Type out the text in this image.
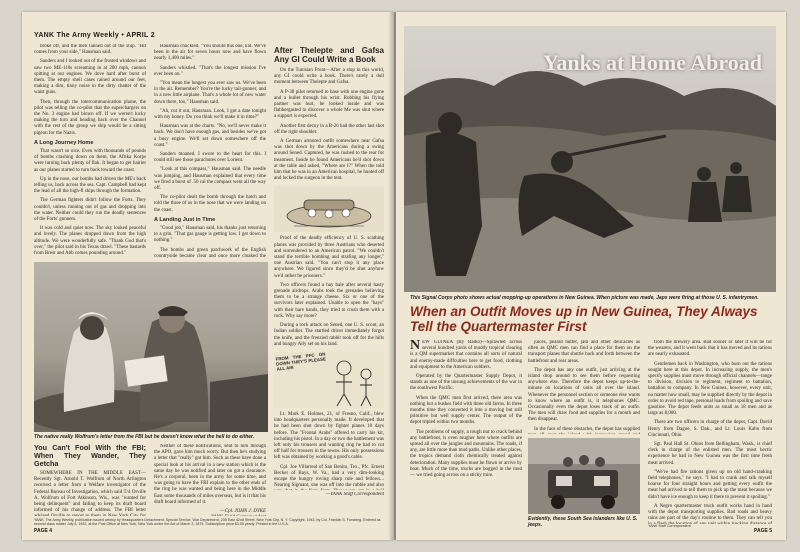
YANK The Army Weekly • APRIL 2

broke off, and the men fanned out of the ship. "Hit comes from your side," Hausman said.

Sanders and I looked out of the frosted windows and saw two ME-110s screaming in at 200 mph, cannon spitting at our engines. We dove hard after burst of them. The empty shell cases rained around our feet, making a dim, tinny noise in the dirty chatter of the waist guns.

Then, through the intercommunication phone, the pilot was telling the co-pilot that the superchargers on the No. 3 engine had blown off. If we weren't lucky making the turn and heading back over the Channel with the rest of the group we ship would be a sitting pigeon for the Nazis.

A Long Journey Home

That wasn't so nice. Even with thousands of pounds of bombs crashing down on them, the Afrika Korps were turning back plenty of flak. It began to get hairier as our planes started to turn back toward the coast.

Up in the nose, our bombs had driven the ME's back telling us, back across the sea. Capt. Campbell had kept the lead of all the high-fl ships through the formation.

The German fighters didn't follow the Forts. They couldn't, unless running out of gas and dropping into the water. Neither could they run the deadly sentences of the Forts' gunners.

It was cold and quiet now. The sky looked peaceful and lovely. The planes dropped down from the high altitude. We were wonderfully safe. "Thank God that's over," the pilot said in his Texas drawl. "These bastards from Brest and Abb comes pounding around."

Hausman chuckled. "You should this one, kid. We've been in the air for seven hours now and have flown nearly 1,400 miles."

Sanders whistled. "That's the longest mission I've ever been on."

"You mean the longest you ever saw us. We've been in the air. Remember? You're the lucky tail-gunner, and in a new little airplane. That's a whole lot of new water down there, too," Hausman said.

"Ah, cut it out, Hausman. Look, I got a date tonight with my honey. Do you think we'll make it in time?"

Hausman was at the charts. "No, we'll never make it back. We don't have enough gas, and besides we've got a busy engine. We'll set down somewhere off the coast."

Sanders moaned. I swore to the heart for this. I could still see those parachutes over Lorient.

"Look at this compass," Hausman said. The needle was jumping, and Hausman explained that every time we fired a burst of .50 cal the compass went all the way off.

The co-pilot dealt the bomb through the hatch and told the three of us in the nose that we were landing on the coast.

A Landing Just in Time

"Good job," Hausman said, his thanks just returning to a grin. "That gas gauge is getting low. I get down to nothing."

The bombs and green patchwork of the English countryside became clear and once more cloaked the

After Thelepte and Gafsa Any GI Could Write a Book

On the Tunisian Front—After a stop in this world, any GI could write a book. There's rarely a dull moment between Thelepte and Gafsa.

A P-38 pilot returned to base with one engine gone and a bullet through his wrist. Robbing his flying partner was hurt, he looked inside and was flabbergasted to discover a whole Me was shut where a support is expected.

Another first decoy in a B-26 had the other last shot off the right shoulder.

A German armored outfit somewhere near Gafsa was shot down by the Americans during a swing around Sened. Captured, he was rushed to the rear for treatment. Inside he found Americans he'd shot down at the table and asked, "Where are I?" When the told him that he was in an American hospital, he hunted off and locked the surgeon in the tent.

Proof of the deadly efficiency of U. S. scathing planes was provided by three Austrians who deserted and surrendered to an American patrol. "We couldn't stand the terrible bombing and strafing any longer," one Austrian said. "You can't stop it any place anywhere. We figured since they'd be shot anyhow we'd rather be prisoners."

Two officers found a hay bale after several hasty grenade airdrops. Arabs took the grenades believing them to be a strange cheese. Six or one of the survivors later explained. Unable to open the "hays" with their bare hands, they tried to crush them with a rock. Why say more?

During a rock attack on Sened, one U. S. scout, an Indian soldier. The startled driver immediately forgot the knife, and the frenzied rabbit took off for the hills and hungry Ally set on his land.

FROM THE PFC ON DOWN THEY'S PLEASE ALL AIR

Lt. Mark E. Holmes, 21, of Fresno, Calif., blew into headquarters personally made. It developed that he had been shot down by fighter planes 10 days before. The "Frontal Arabs" offered to carry his kit, including his pistol. In a day or two the battlement was left only his trousers and wanting ring he had to cut off half for trousers in the towns. His only possessions left was obtained by working a good's cable.

Cpl. Joe Villarreal of San Benito, Tex., Pfc. Ernest Becker of Bays, W. Va., had a very dim-looking escape the hungry roving sharp rule and fellows... Nearing Sigmant, one was off into the rubble and also

The native really Wolfrum's letter from the FBI but he doesn't know what the hell to do either.
You Can't Fool With the FBI; When They Wander, They Getcha

SOMEWHERE IN THE MIDDLE EAST—Recently Sgt. Arnold T. Wolfrum of North Arlington received a letter from a Welfare investigator of the Federal Bureau of Investigation, which said T/4 Orville A. Wolfrum of Fort Atkinson, Wis., was "wanted for being delinquent" and failing to keep its draft board informed of his change of address. The FBI letter

Neither of these notifications, sent to him through the APO, gave him much worry. But then he's studying a letter that "really" got him. Such as these have done a special look at his arrival in a new station which is the same day he was notified and later on got a clearance. He's a corporal, been in the army for some time, and was going to have the FBI explain to the other ends of the ring he was wanted and being here in the Middle East some thousands of miles overseas, but is it that his draft board informed of it.

—Cpl. JOHN J. DYKE

—YANK Staff Correspondent

YANK, The Army Weekly, publication issued weekly by Headquarters Detachment, Special Service, War Department, 205 East 42nd Street, New York City, N. Y. Copyright, 1943, by Col. Franklin S. Forsberg. Entered as second class matter July 6, 1942, at the Post Office at New York, New York under the Act of March 3, 1879. Subscription price $3.00 yearly. Printed in the U.S.A.
PAGE 4
Yanks at Home Abroad
This Signal Corps photo shows actual mopping-up operations in New Guinea. When picture was made, Japs were firing at those U. S. infantrymen.
When an Outfit Moves up in New Guinea, They Always Tell the Quartermaster First

NEW GUINEA (By Radio)—Sprawled across several hundred yards of muddy tropical clearing is a QM supermarket that contains all sorts of natural and enemy-made diffculties here to get food, clothing and equipment to the American soldiers.

Operated by the Quartermaster Supply Depot, it stands as one of the unsung achievements of the war in the southwest Pacific.

When the QMC men first arrived, there area was nothing but a bushes field with three old farms. In three months time they converted it into a moving but still primitive but well supply center. The output of the depot tripled within two months.

The problems of supply, a tough nut to crack behind any battlefront, is even tougher here where outfits are spread all over the jungles and mountains. The roads, if any, are little more than mud paths. Unlike other places, the tropics demand cloth chemically treated against deterioration. Many supplies must be flown or arrive by boat. Much of the time, trucks are bogged in the mud — we tried going across on a sticky mire.

juices, peanut butter, jam and other delicacies as often as QMC men can find a place for them on the transport planes that shuttle back and forth between the battlefront and rear areas.

The depot has any one outfit, just arriving at the island drop around to see them before requesting anywhere else. Therefore the depot keeps up-to-the-minute on locations of units all over the island. Whenever the personnel section or someone else wants to know where an outfit is, it telephones QMC. Occasionally even the depot loses track of an outfit. The men will draw food and supplies for a month and then disappear.

In the face of these obstacles, the depot has supplied

Evidently, these South Sea Islanders like U. S. jeeps.

from the brewery area. Bad sooner or later it will be for the wearers, and it went back that it has moved and its rations are nearly exhausted.

Gentlemen back in Washington, who burn out the rations sought here at this depot. In increasing supply, the men's specify supplies must move through official channels—range to division, division to regiment, regiment to battalion, battalion to company. In New Guinea, however, every unit, no matter how small, may be supplied directly by the depot in order to avoid red tape, personal loads from spoiling and save gasoline. The depot feeds units as small as 18 men and as large as 8,000.

There are two officers in charge of the depot, Capt. David Henry from Dagoe, S. Dak., and Lt. Louis Kahn from Cincinnati, Ohio.

Sgt. Paul Hall St. Ohios from Bellingham, Wash., is chief clerk in charge of the enlisted men. The most hectic experience he had in New Guinea was the first time fresh meat arrived.

"We've had fire rations given up on old hand-cranking field telephones," he says. "I had to crank and talk myself hoarse for four straight hours and getting every outfit the meat had arrived to tell them to pick up the meat because we didn't have ice enough to keep it there to prevent it spoiling."

A Negro quartermaster truck outfit works hand in hand with the depot transporting supplies. Bad roads and heavy rains are part of the day's routine to them. They can tell you

YANK Staff Correspondent
PAGE 5
